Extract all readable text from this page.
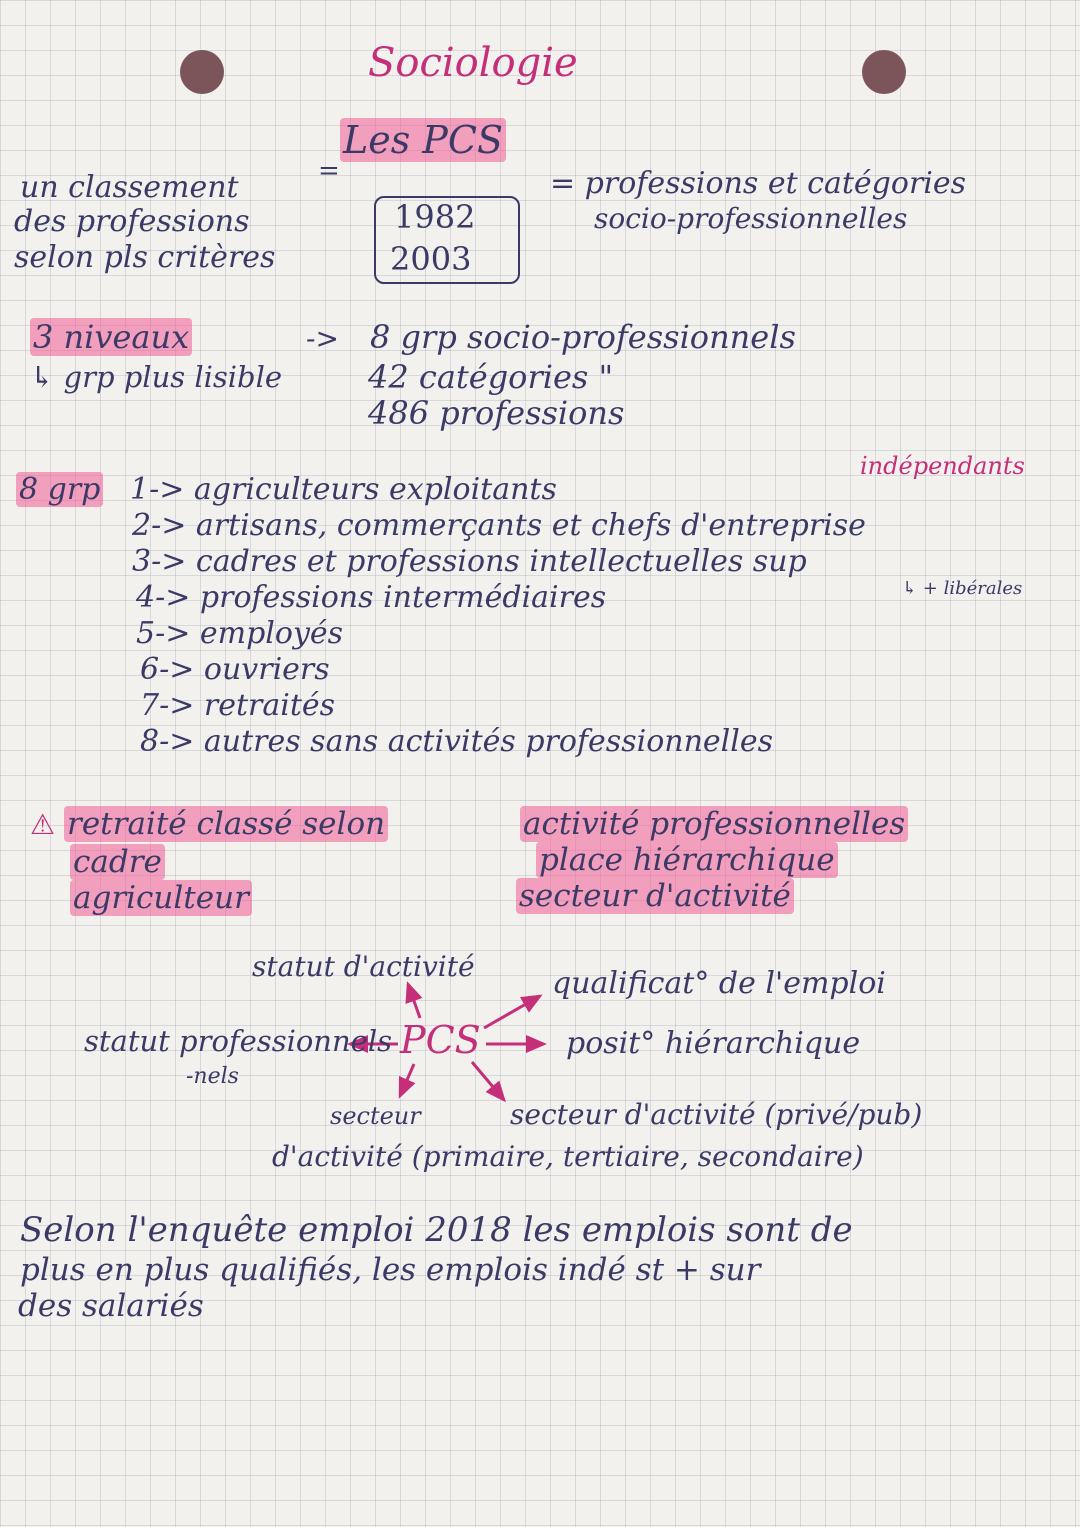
Sociologie
Les PCS
un classement
des professions
selon pls critères
=
1982
2003
= professions et catégories
socio-professionnelles
3 niveaux	->
↳ grp plus lisible
8 grp socio-professionnels
42 catégories "
486 professions
8 grp
indépendants
1-> agriculteurs exploitants
2-> artisans, commerçants et chefs d'entreprise
3-> cadres et professions intellectuelles sup
↳ + libérales
4-> professions intermédiaires
5-> employés
6-> ouvriers
7-> retraités
8-> autres sans activités professionnelles
⚠ retraité classé selon
cadre
agriculteur
activité professionnelles
place hiérarchique
secteur d'activité
PCS
statut d'activité	qualificat° de l'emploi
posit° hiérarchique
secteur d'activité (privé/pub)
secteur
d'activité (primaire, tertiaire, secondaire)
statut professionnels
-nels
Selon l'enquête emploi 2018 les emplois sont de
plus en plus qualifiés, les emplois indé st + sur
des salariés
